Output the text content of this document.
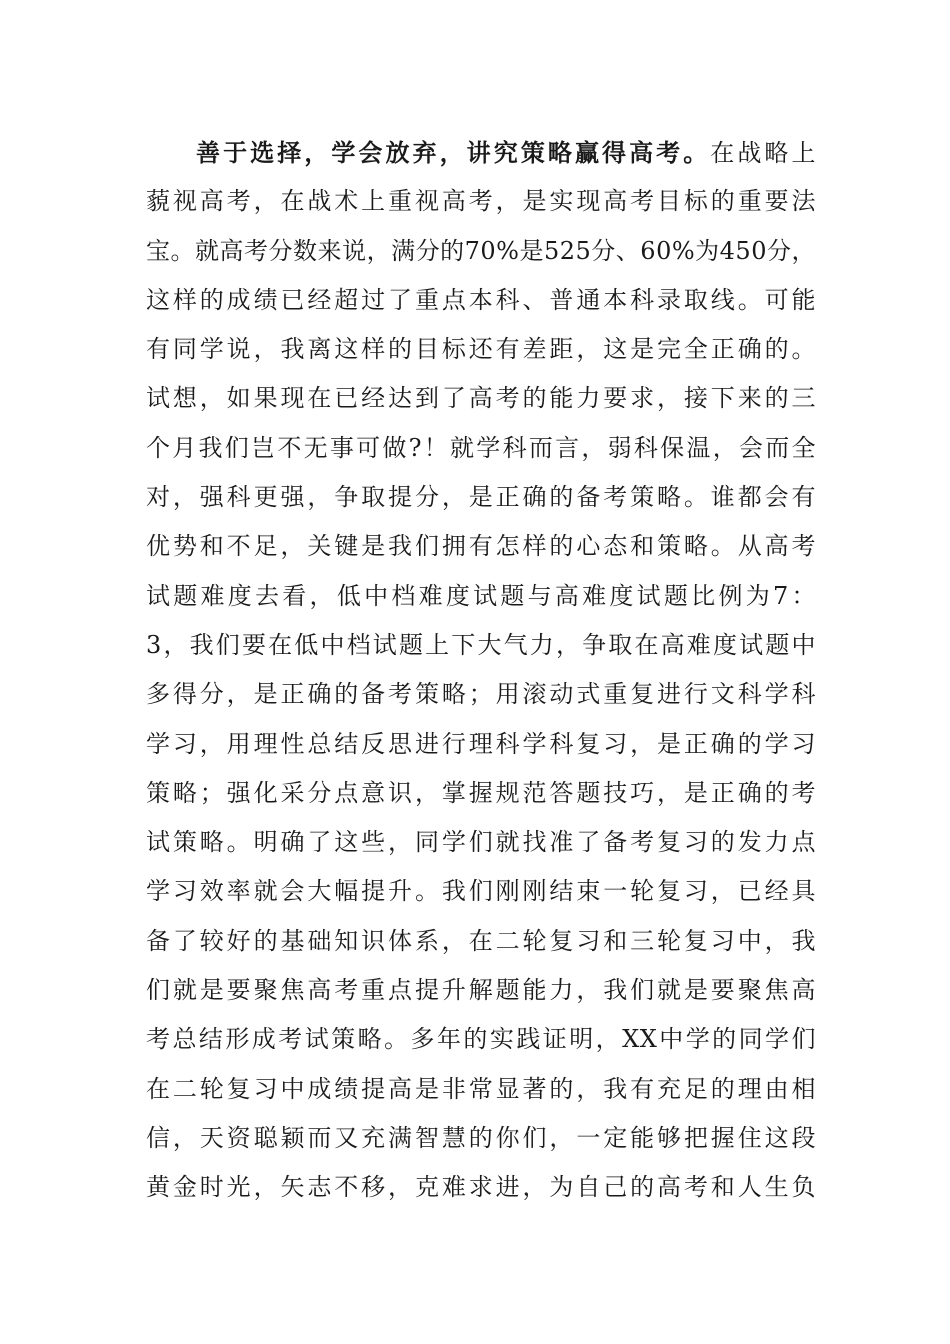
善于选择，学会放弃，讲究策略赢得高考。在战略上
藐视高考，在战术上重视高考，是实现高考目标的重要法
宝。就高考分数来说，满分的70%是525分、60%为450分，
这样的成绩已经超过了重点本科、普通本科录取线。可能
有同学说，我离这样的目标还有差距，这是完全正确的。
试想，如果现在已经达到了高考的能力要求，接下来的三
个月我们岂不无事可做?！就学科而言，弱科保温，会而全
对，强科更强，争取提分，是正确的备考策略。谁都会有
优势和不足，关键是我们拥有怎样的心态和策略。从高考
试题难度去看，低中档难度试题与高难度试题比例为7：
3，我们要在低中档试题上下大气力，争取在高难度试题中
多得分，是正确的备考策略；用滚动式重复进行文科学科
学习，用理性总结反思进行理科学科复习，是正确的学习
策略；强化采分点意识，掌握规范答题技巧，是正确的考
试策略。明确了这些，同学们就找准了备考复习的发力点
学习效率就会大幅提升。我们刚刚结束一轮复习，已经具
备了较好的基础知识体系，在二轮复习和三轮复习中，我
们就是要聚焦高考重点提升解题能力，我们就是要聚焦高
考总结形成考试策略。多年的实践证明，XX中学的同学们
在二轮复习中成绩提高是非常显著的，我有充足的理由相
信，天资聪颖而又充满智慧的你们，一定能够把握住这段
黄金时光，矢志不移，克难求进，为自己的高考和人生负
